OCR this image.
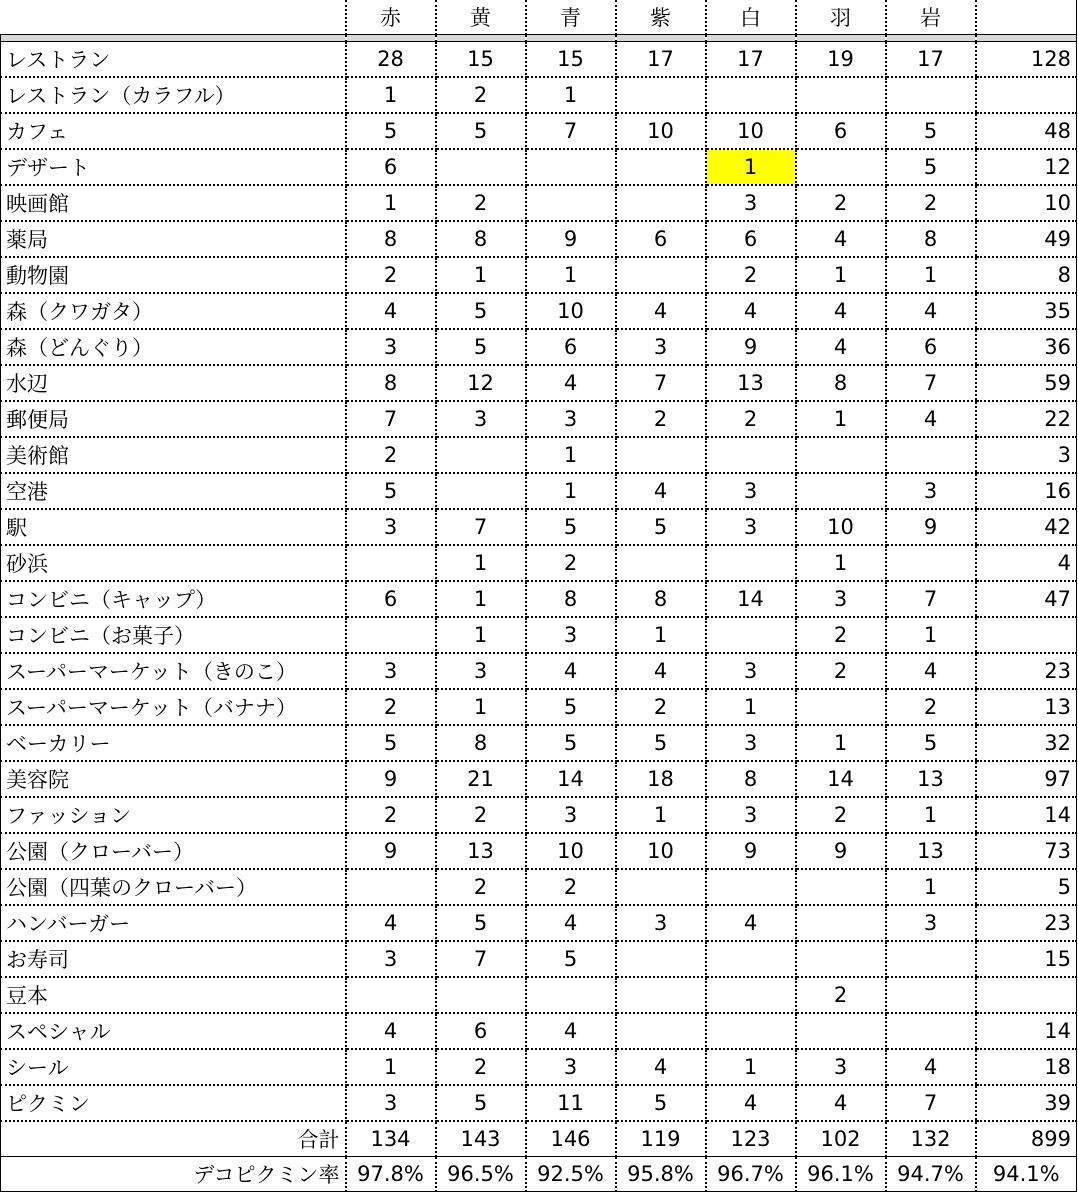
	赤	黄	青	紫	白	羽	岩	

レストラン	28	15	15	17	17	19	17	128
レストラン（カラフル）	1	2	1					
カフェ	5	5	7	10	10	6	5	48
デザート	6				1		5	12
映画館	1	2			3	2	2	10
薬局	8	8	9	6	6	4	8	49
動物園	2	1	1		2	1	1	8
森（クワガタ）	4	5	10	4	4	4	4	35
森（どんぐり）	3	5	6	3	9	4	6	36
水辺	8	12	4	7	13	8	7	59
郵便局	7	3	3	2	2	1	4	22
美術館	2		1					3
空港	5		1	4	3		3	16
駅	3	7	5	5	3	10	9	42
砂浜		1	2			1		4
コンビニ（キャップ）	6	1	8	8	14	3	7	47
コンビニ（お菓子）		1	3	1		2	1	
スーパーマーケット（きのこ）	3	3	4	4	3	2	4	23
スーパーマーケット（バナナ）	2	1	5	2	1		2	13
ベーカリー	5	8	5	5	3	1	5	32
美容院	9	21	14	18	8	14	13	97
ファッション	2	2	3	1	3	2	1	14
公園（クローバー）	9	13	10	10	9	9	13	73
公園（四葉のクローバー）		2	2				1	5
ハンバーガー	4	5	4	3	4		3	23
お寿司	3	7	5					15
豆本						2		
スペシャル	4	6	4					14
シール	1	2	3	4	1	3	4	18
ピクミン	3	5	11	5	4	4	7	39
合計	134	143	146	119	123	102	132	899
デコピクミン率	97.8%	96.5%	92.5%	95.8%	96.7%	96.1%	94.7%	94.1%
